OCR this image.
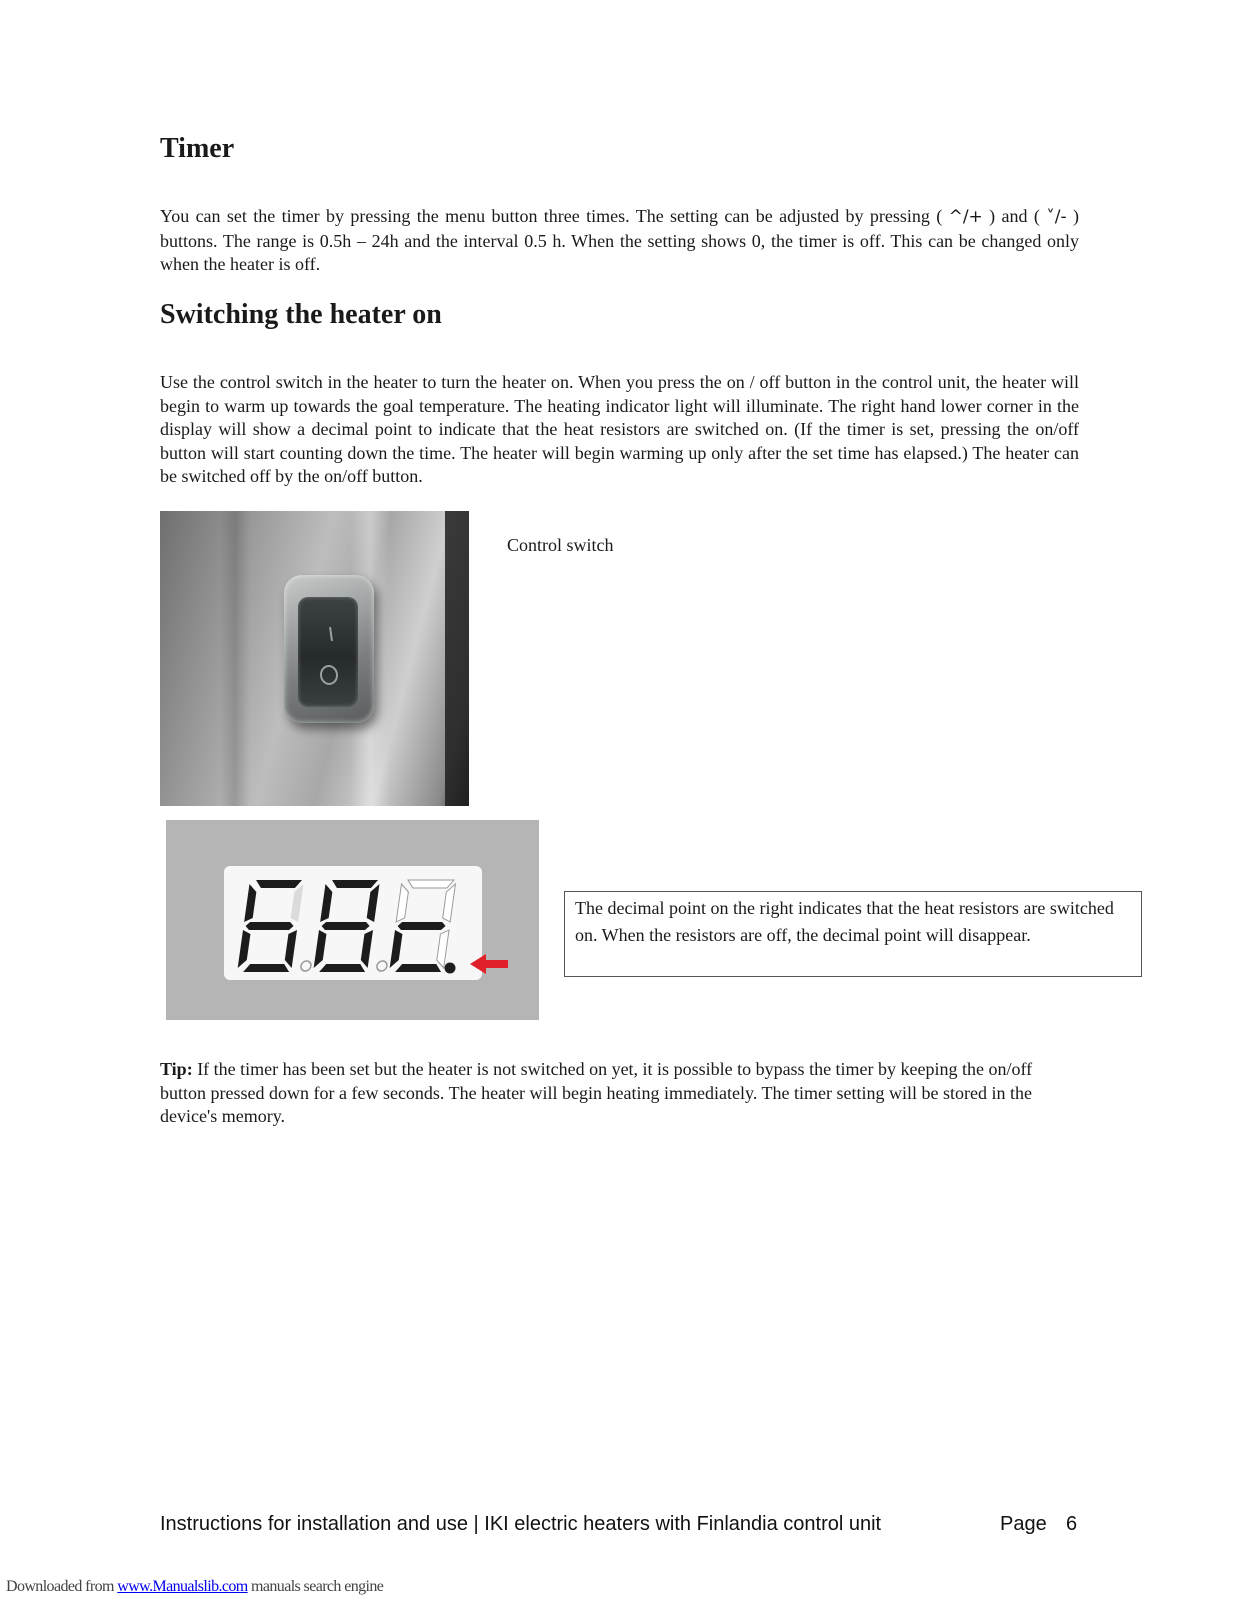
Timer

You can set the timer by pressing the menu button three times. The setting can be adjusted by pressing ( ^/+ ) and ( ˅/- ) buttons. The range is 0.5h – 24h and the interval 0.5 h. When the setting shows 0, the timer is off. This can be changed only when the heater is off.

Switching the heater on

Use the control switch in the heater to turn the heater on. When you press the on / off button in the control unit, the heater will begin to warm up towards the goal temperature. The heating indicator light will illuminate. The right hand lower corner in the display will show a decimal point to indicate that the heat resistors are switched on. (If the timer is set, pressing the on/off button will start counting down the time. The heater will begin warming up only after the set time has elapsed.) The heater can be switched off by the on/off button.

Control switch
The decimal point on the right indicates that the heat resistors are switched on. When the resistors are off, the decimal point will disappear.

Tip: If the timer has been set but the heater is not switched on yet, it is possible to bypass the timer by keeping the on/off button pressed down for a few seconds. The heater will begin heating immediately. The timer setting will be stored in the device's memory.

Instructions for installation and use | IKI electric heaters with Finlandia control unit	Page 6
Downloaded from www.Manualslib.com manuals search engine
